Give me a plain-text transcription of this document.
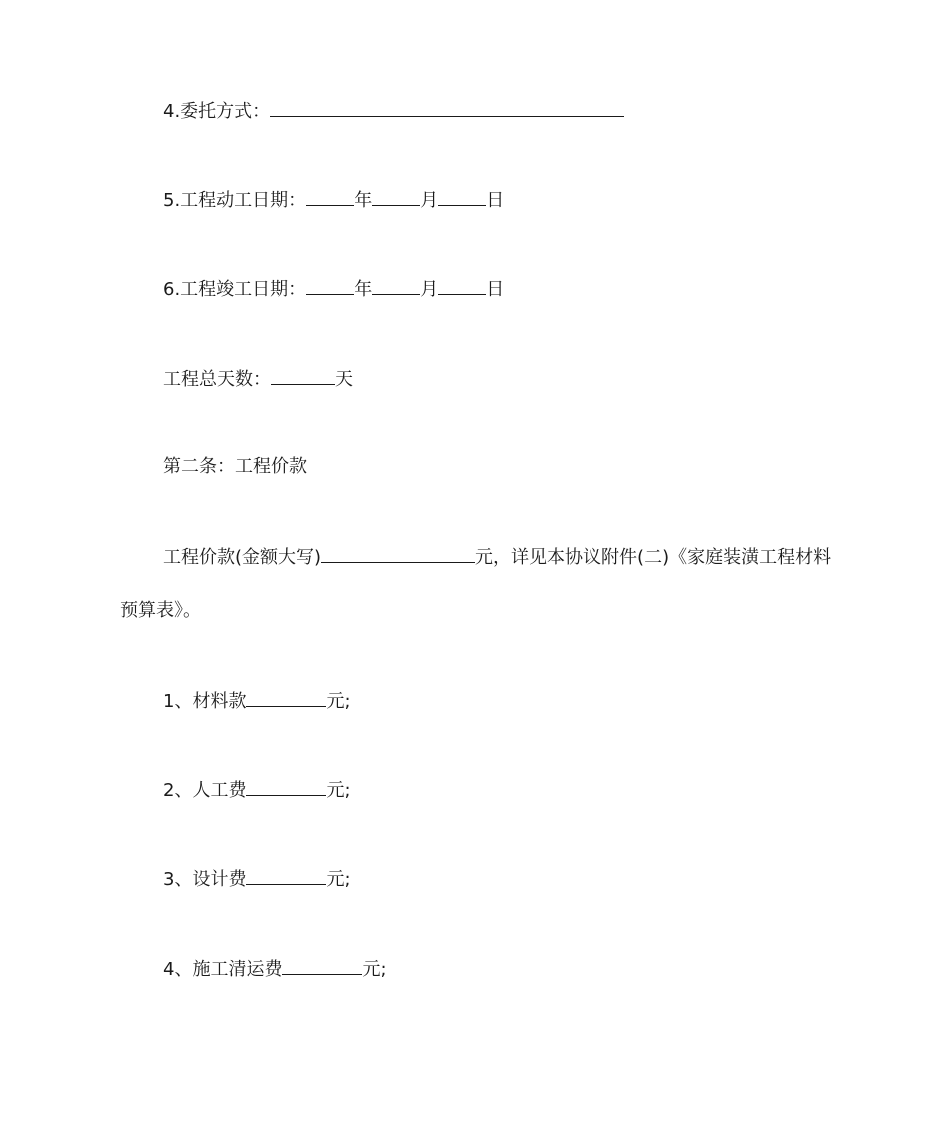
4.委托方式：
5.工程动工日期：	年	月	日
6.工程竣工日期：	年	月	日
工程总天数：	天
第二条：工程价款
工程价款(金额大写)	元，详见本协议附件(二)《家庭装潢工程材料
预算表》。
1、材料款	元;
2、人工费	元;
3、设计费	元;
4、施工清运费	元;
